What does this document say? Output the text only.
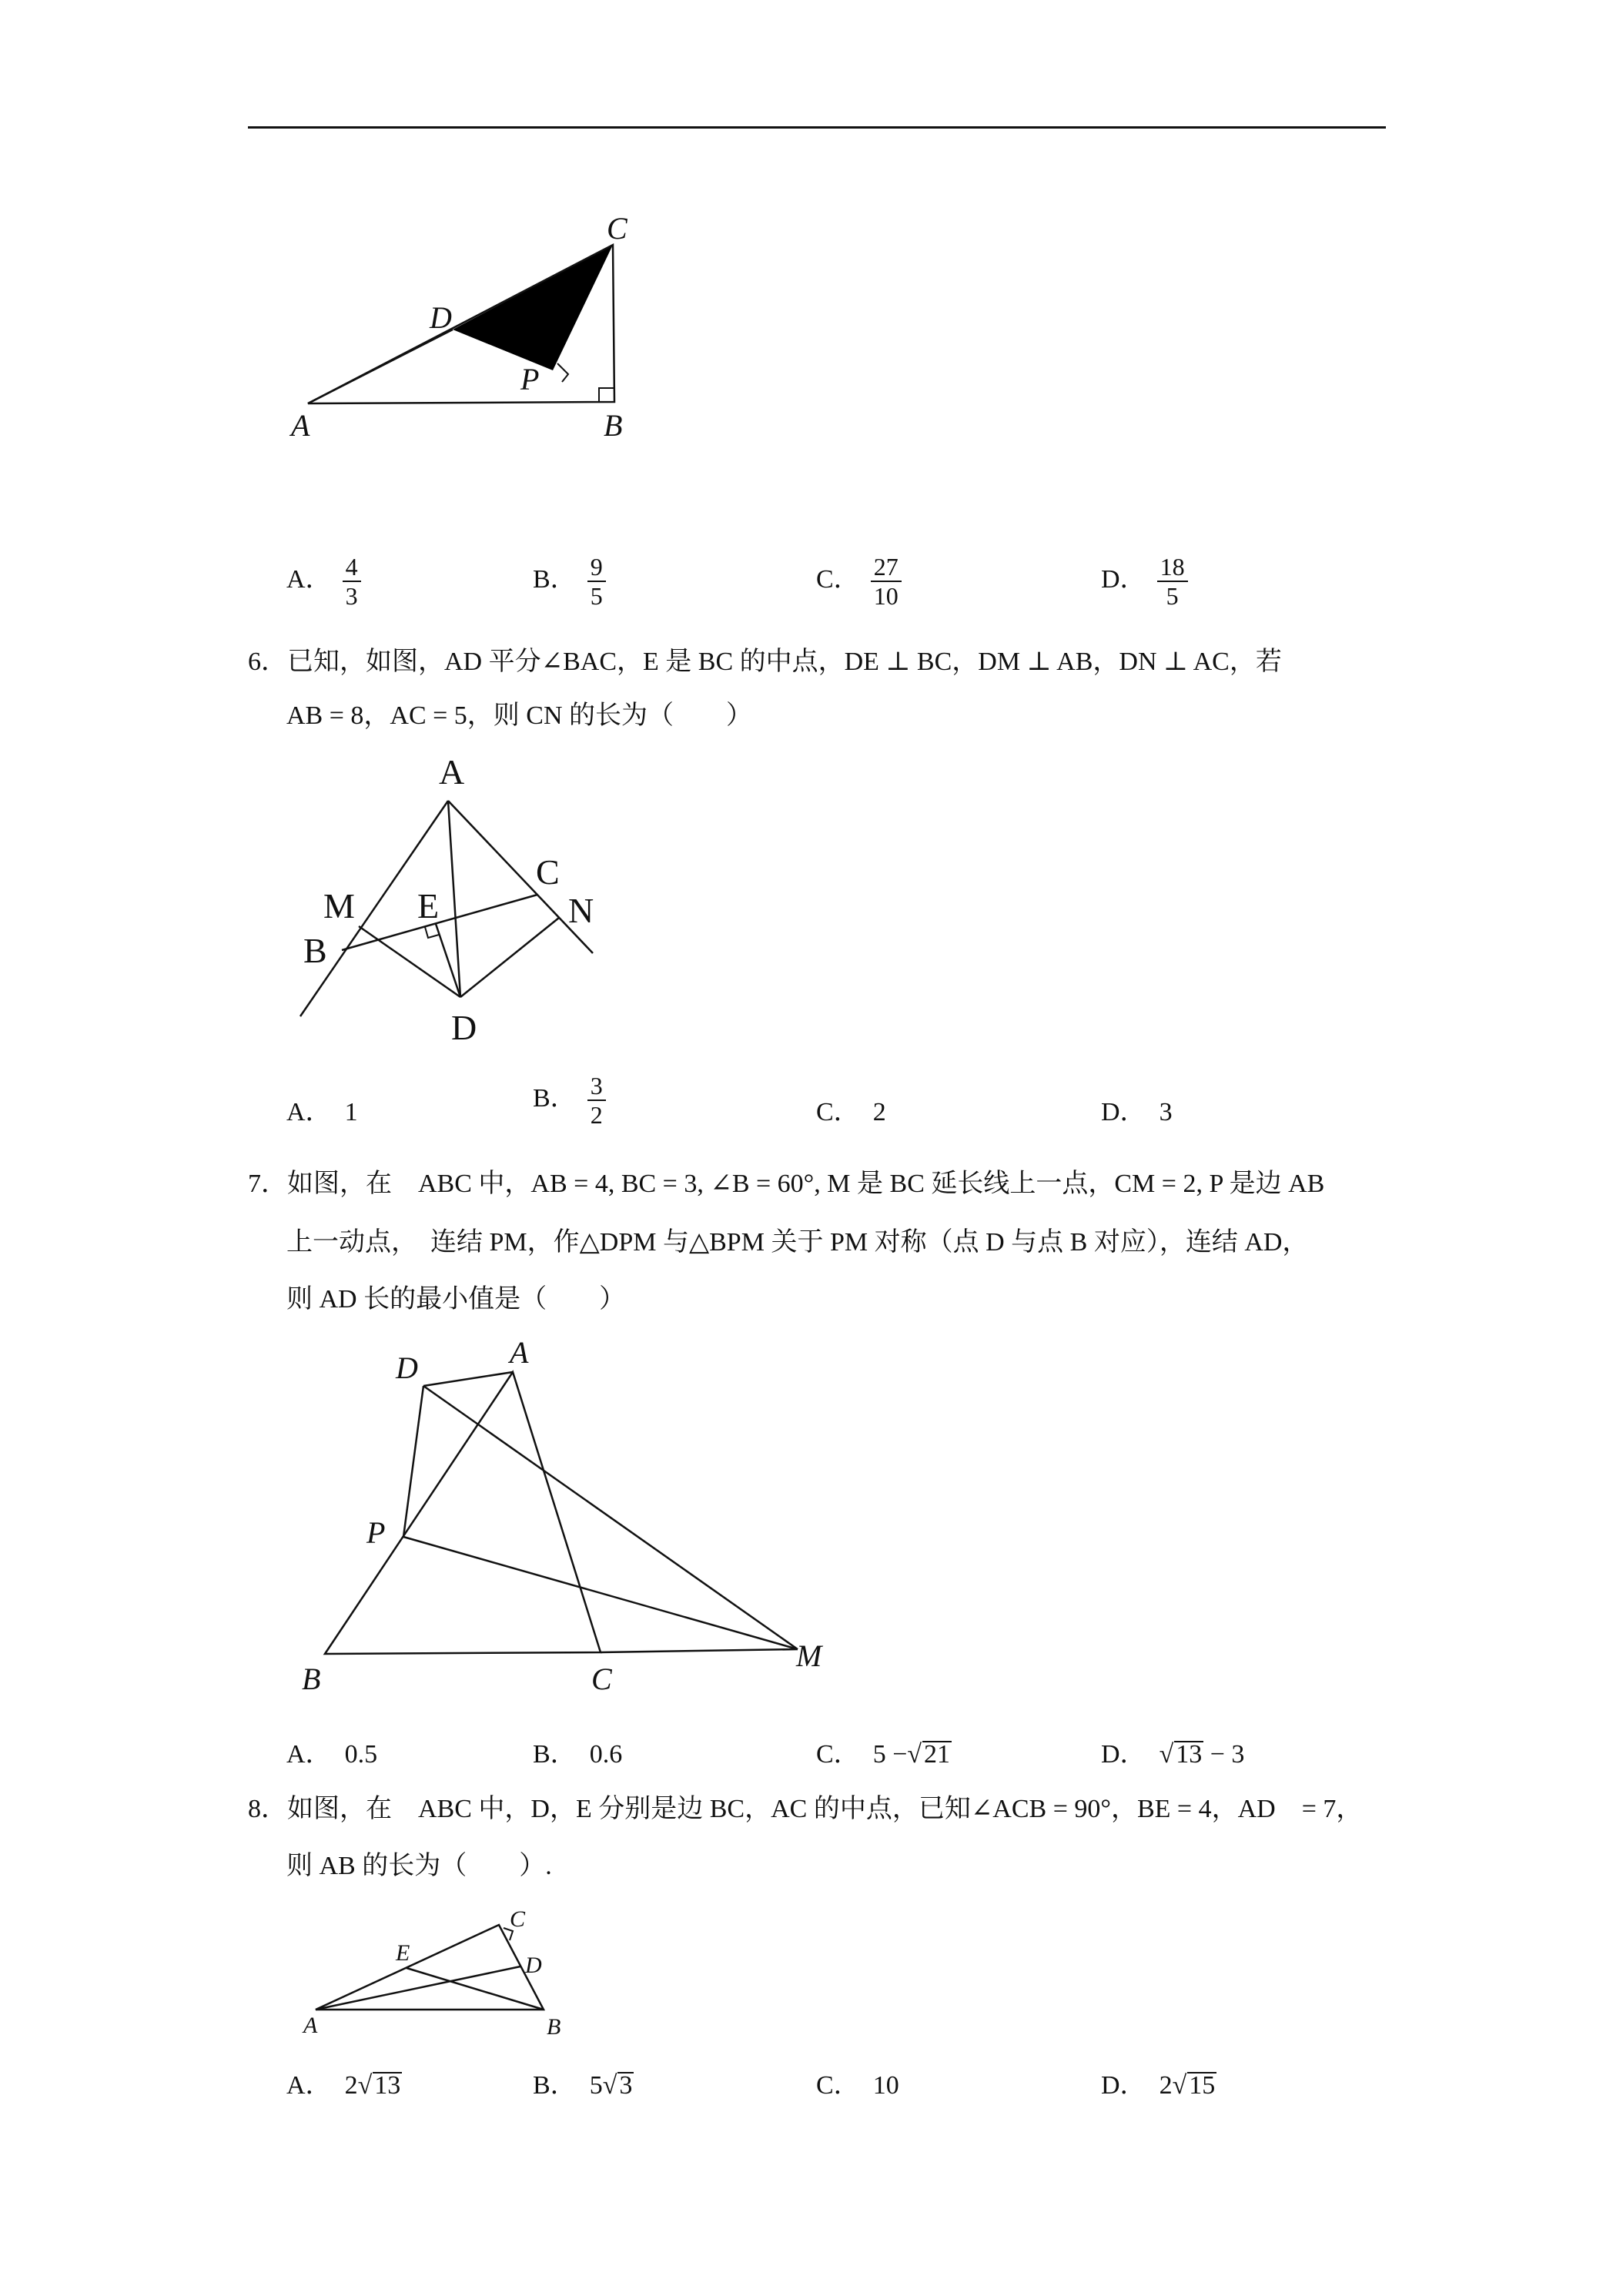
C
D
P
A	B
A． $\frac{4}{3}$	B． $\frac{9}{5}$	C． $\frac{27}{10}$	D． $\frac{18}{5}$
6．已知，如图，AD 平分∠BAC，E 是 BC 的中点，DE ⊥ BC，DM ⊥ AB，DN ⊥ AC，若
AB = 8，AC = 5，则 CN 的长为（　　）
A
M E
C
N
B
D
A． 1	B． $\frac{3}{2}$	C． 2	D． 3
7．如图，在　ABC 中，AB = 4, BC = 3, ∠B = 60°, M 是 BC 延长线上一点，CM = 2, P 是边 AB
上一动点，　连结 PM，作△DPM 与△BPM 关于 PM 对称（点 D 与点 B 对应），连结 AD，
则 AD 长的最小值是（　　）
D	A
P
B	C
M
A． 0.5	B． 0.6	C． 5 −√21	D． √13 − 3
8．如图，在　ABC 中，D，E 分别是边 BC，AC 的中点，已知∠ACB = 90°，BE = 4，AD　= 7，
则 AB 的长为（　　）.
C
E	D
A	B
A． 2√13	B． 5√3	C． 10	D． 2√15
